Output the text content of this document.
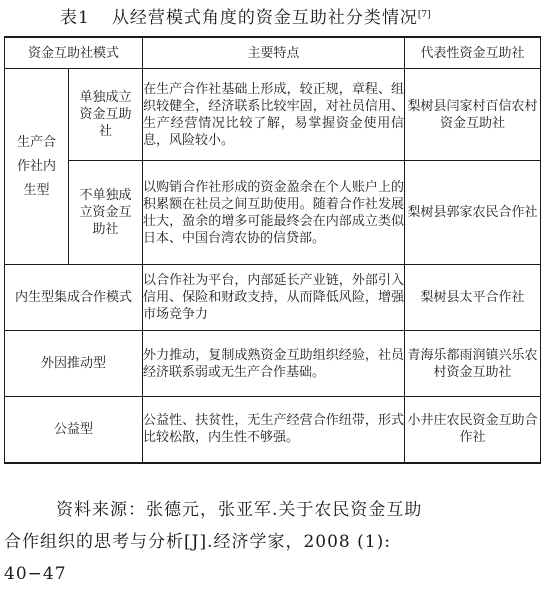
表1 从经营模式角度的资金互助社分类情况[7]
资金互助社模式		主要特点	代表性资金互助社

生产合作社内生型	单独成立资金互助社	在生产合作社基础上形成，较正规，章程、组织较健全，经济联系比较牢固，对社员信用、生产经营情况比较了解，易掌握资金使用信息，风险较小。	梨树县闫家村百信农村资金互助社
	不单独成立资金互助社	以购销合作社形成的资金盈余在个人账户上的积累额在社员之间互助使用。随着合作社发展壮大，盈余的增多可能最终会在内部成立类似日本、中国台湾农协的信贷部。	梨树县郭家农民合作社
内生型集成合作模式		以合作社为平台，内部延长产业链，外部引入信用、保险和财政支持，从而降低风险，增强市场竞争力	梨树县太平合作社
外因推动型		外力推动，复制成熟资金互助组织经验，社员经济联系弱或无生产合作基础。	青海乐都雨润镇兴乐农村资金互助社
公益型		公益性、扶贫性，无生产经营合作纽带，形式比较松散，内生性不够强。	小井庄农民资金互助合作社
资料来源：张德元，张亚军.关于农民资金互助
合作组织的思考与分析[J].经济学家，2008 (1):
40−47
